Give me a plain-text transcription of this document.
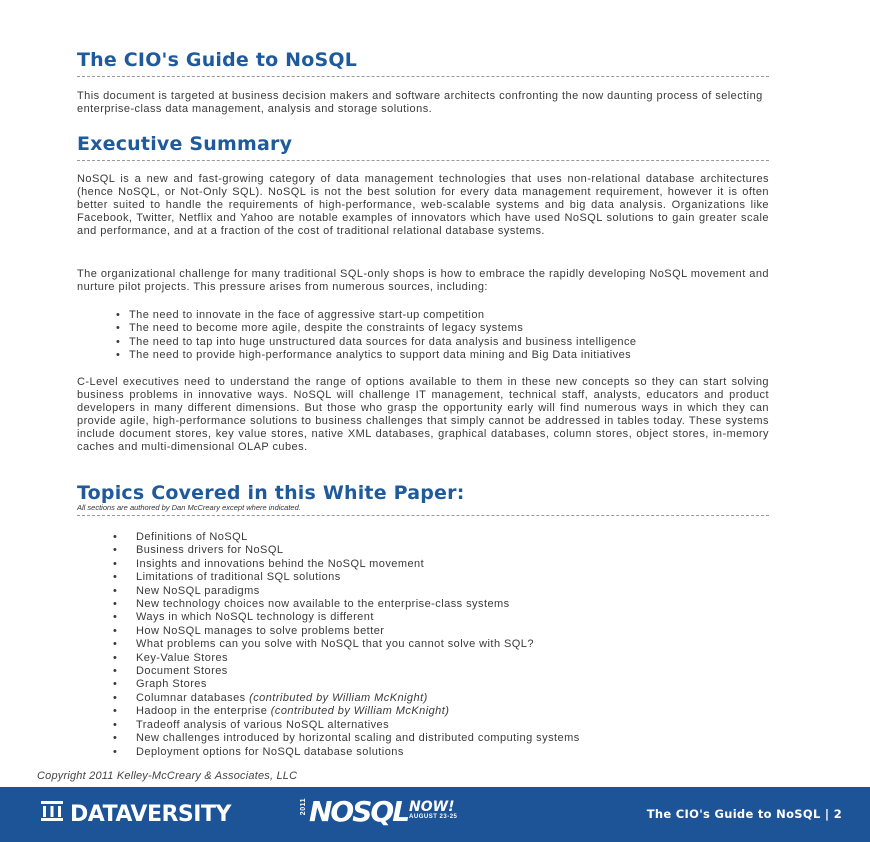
The CIO's Guide to NoSQL

This document is targeted at business decision makers and software architects confronting the now daunting process of selecting enterprise-class data management, analysis and storage solutions.

Executive Summary

NoSQL is a new and fast-growing category of data management technologies that uses non-relational database architectures (hence NoSQL, or Not-Only SQL). NoSQL is not the best solution for every data management requirement, however it is often better suited to handle the requirements of high-performance, web-scalable systems and big data analysis. Organizations like Facebook, Twitter, Netflix and Yahoo are notable examples of innovators which have used NoSQL solutions to gain greater scale and performance, and at a fraction of the cost of traditional relational database systems.

The organizational challenge for many traditional SQL-only shops is how to embrace the rapidly developing NoSQL movement and nurture pilot projects. This pressure arises from numerous sources, including:

• The need to innovate in the face of aggressive start-up competition
• The need to become more agile, despite the constraints of legacy systems
• The need to tap into huge unstructured data sources for data analysis and business intelligence
• The need to provide high-performance analytics to support data mining and Big Data initiatives

C-Level executives need to understand the range of options available to them in these new concepts so they can start solving business problems in innovative ways. NoSQL will challenge IT management, technical staff, analysts, educators and product developers in many different dimensions. But those who grasp the opportunity early will find numerous ways in which they can provide agile, high-performance solutions to business challenges that simply cannot be addressed in tables today. These systems include document stores, key value stores, native XML databases, graphical databases, column stores, object stores, in-memory caches and multi-dimensional OLAP cubes.

Topics Covered in this White Paper:
All sections are authored by Dan McCreary except where indicated.
• Definitions of NoSQL
• Business drivers for NoSQL
• Insights and innovations behind the NoSQL movement
• Limitations of traditional SQL solutions
• New NoSQL paradigms
• New technology choices now available to the enterprise-class systems
• Ways in which NoSQL technology is different
• How NoSQL manages to solve problems better
• What problems can you solve with NoSQL that you cannot solve with SQL?
• Key-Value Stores
• Document Stores
• Graph Stores
• Columnar databases (contributed by William McKnight)
• Hadoop in the enterprise (contributed by William McKnight)
• Tradeoff analysis of various NoSQL alternatives
• New challenges introduced by horizontal scaling and distributed computing systems
• Deployment options for NoSQL database solutions
Copyright 2011 Kelley-McCreary & Associates, LLC
DATAVERSITY	2011 NOSQL NOW!
AUGUST 23-25	The CIO's Guide to NoSQL | 2
